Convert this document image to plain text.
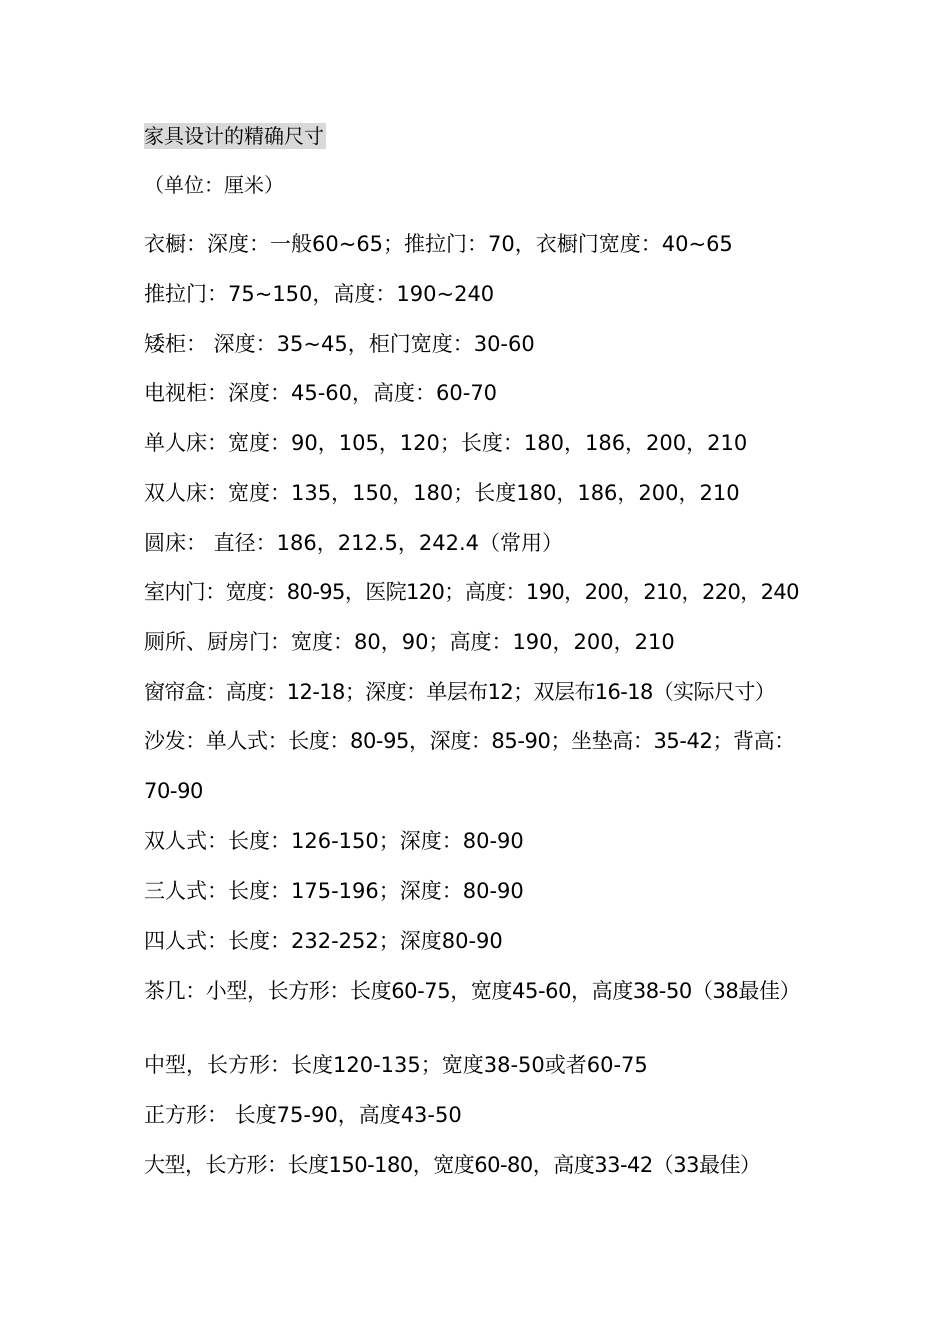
家具设计的精确尺寸
（单位：厘米）
衣橱：深度：一般60~65；推拉门：70，衣橱门宽度：40~65
推拉门：75~150，高度：190~240
矮柜： 深度：35~45，柜门宽度：30-60
电视柜：深度：45-60，高度：60-70
单人床：宽度：90，105，120；长度：180，186，200，210
双人床：宽度：135，150，180；长度180，186，200，210
圆床： 直径：186，212.5，242.4（常用）
室内门：宽度：80-95，医院120；高度：190，200，210，220，240
厕所、厨房门：宽度：80，90；高度：190，200，210
窗帘盒：高度：12-18；深度：单层布12；双层布16-18（实际尺寸）
沙发：单人式：长度：80-95，深度：85-90；坐垫高：35-42；背高：70-90
双人式：长度：126-150；深度：80-90
三人式：长度：175-196；深度：80-90
四人式：长度：232-252；深度80-90
茶几：小型，长方形：长度60-75，宽度45-60，高度38-50（38最佳）
中型，长方形：长度120-135；宽度38-50或者60-75
正方形： 长度75-90，高度43-50
大型，长方形：长度150-180，宽度60-80，高度33-42（33最佳）
